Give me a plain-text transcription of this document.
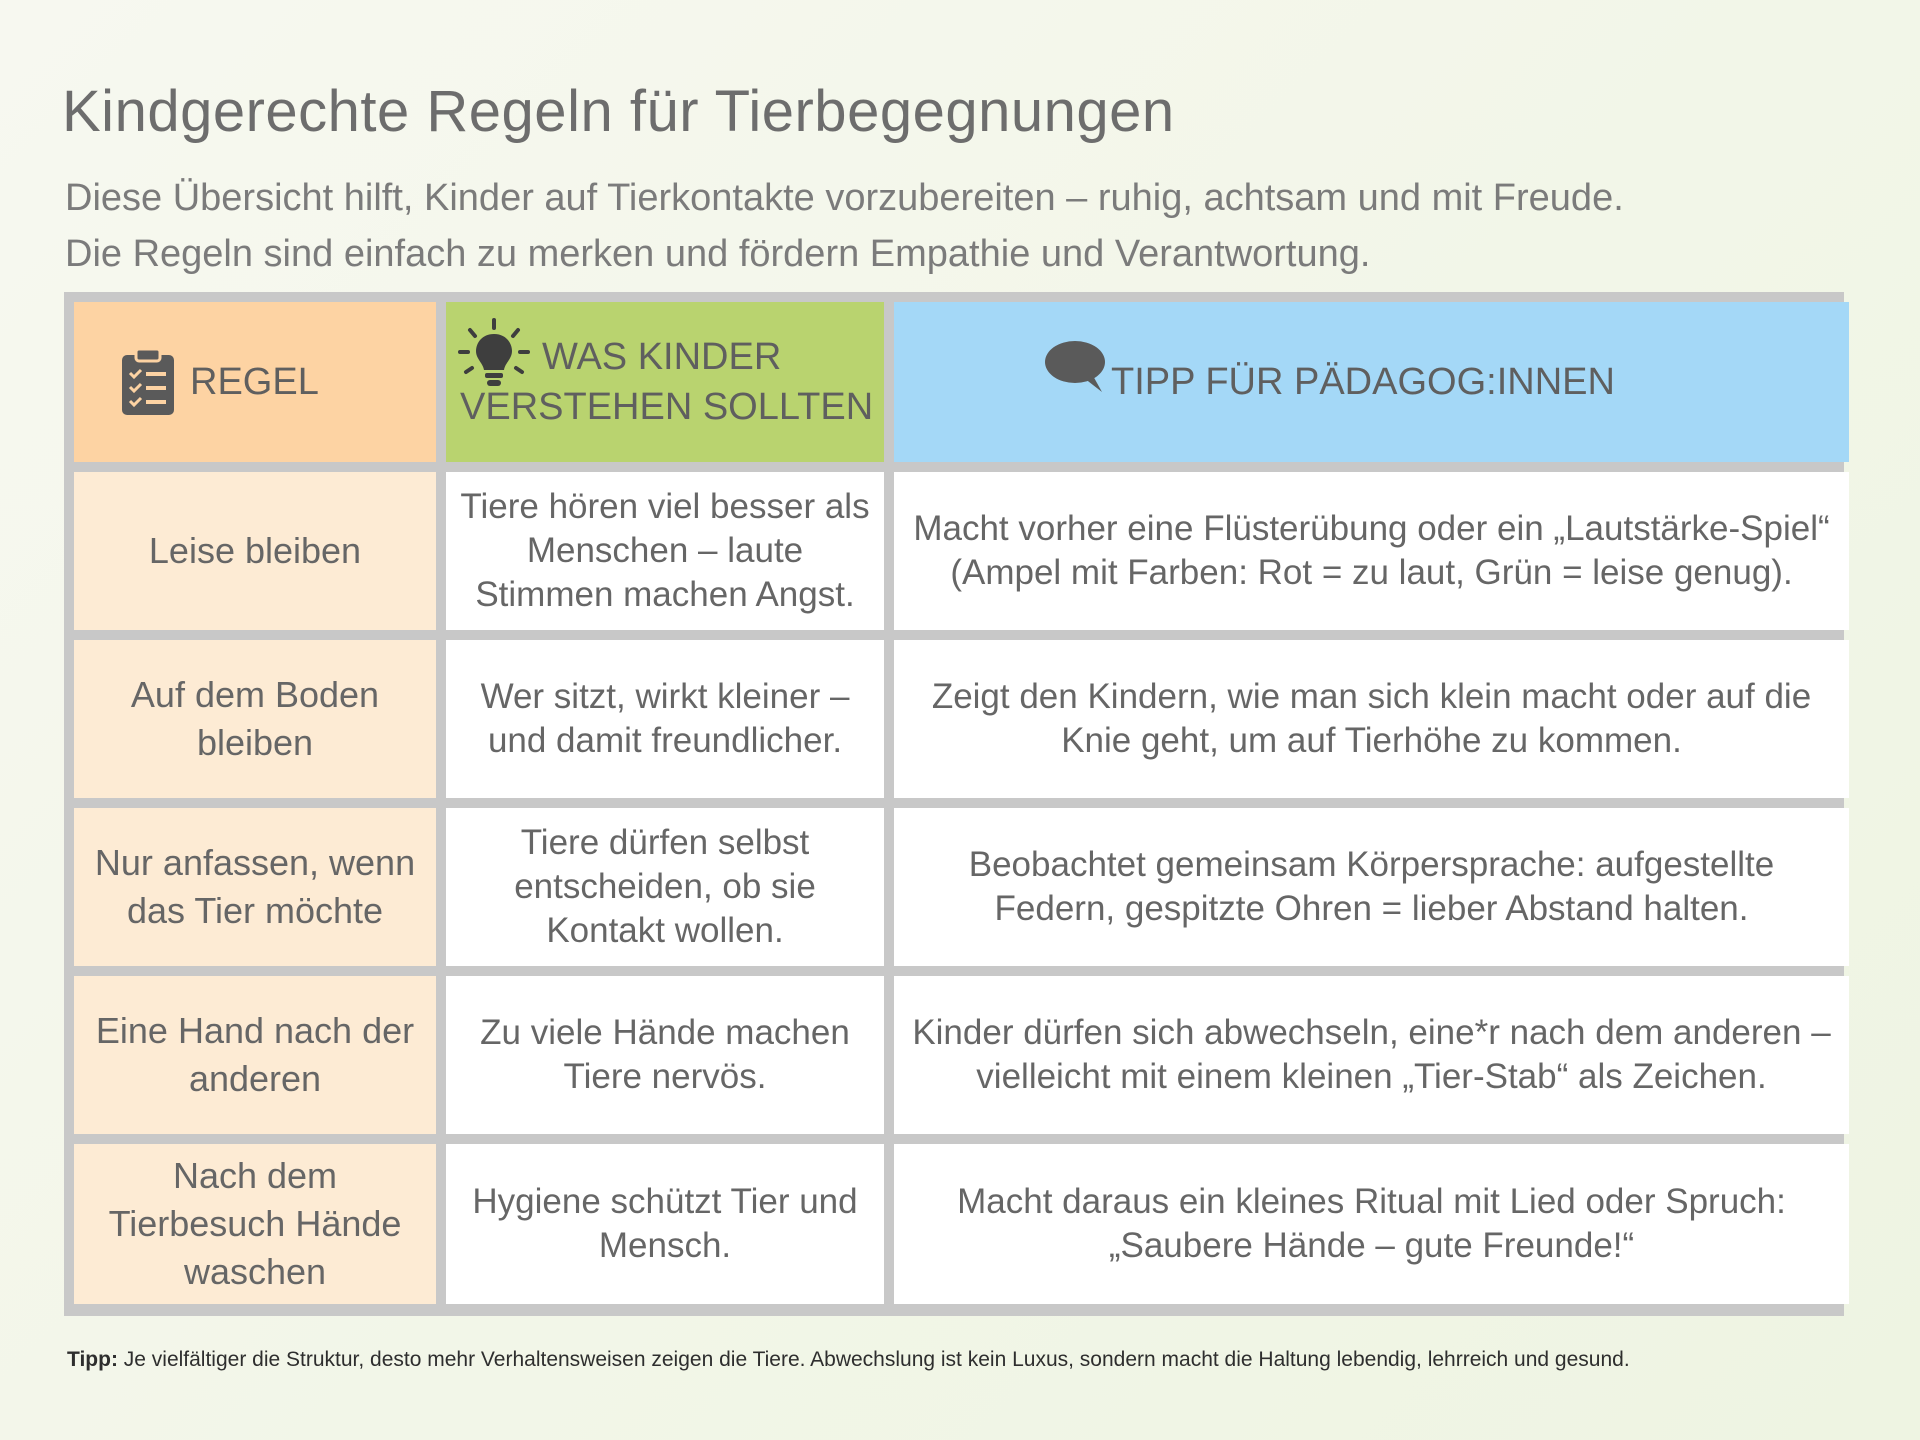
Kindgerechte Regeln für Tierbegegnungen

Diese Übersicht hilft, Kinder auf Tierkontakte vorzubereiten – ruhig, achtsam und mit Freude.

Die Regeln sind einfach zu merken und fördern Empathie und Verantwortung.

REGEL
WAS KINDER
VERSTEHEN SOLLTEN
TIPP FÜR PÄDAGOG:INNEN
Leise bleiben
Tiere hören viel besser als Menschen – laute Stimmen machen Angst.
Macht vorher eine Flüsterübung oder ein „Lautstärke-Spiel“ (Ampel mit Farben: Rot = zu laut, Grün = leise genug).
Auf dem Boden bleiben
Wer sitzt, wirkt kleiner – und damit freundlicher.
Zeigt den Kindern, wie man sich klein macht oder auf die Knie geht, um auf Tierhöhe zu kommen.
Nur anfassen, wenn das Tier möchte
Tiere dürfen selbst entscheiden, ob sie Kontakt wollen.
Beobachtet gemeinsam Körpersprache: aufgestellte Federn, gespitzte Ohren = lieber Abstand halten.
Eine Hand nach der anderen
Zu viele Hände machen Tiere nervös.
Kinder dürfen sich abwechseln, eine*r nach dem anderen – vielleicht mit einem kleinen „Tier-Stab“ als Zeichen.
Nach dem Tierbesuch Hände waschen
Hygiene schützt Tier und Mensch.
Macht daraus ein kleines Ritual mit Lied oder Spruch: „Saubere Hände – gute Freunde!“
Tipp: Je vielfältiger die Struktur, desto mehr Verhaltensweisen zeigen die Tiere. Abwechslung ist kein Luxus, sondern macht die Haltung lebendig, lehrreich und gesund.
